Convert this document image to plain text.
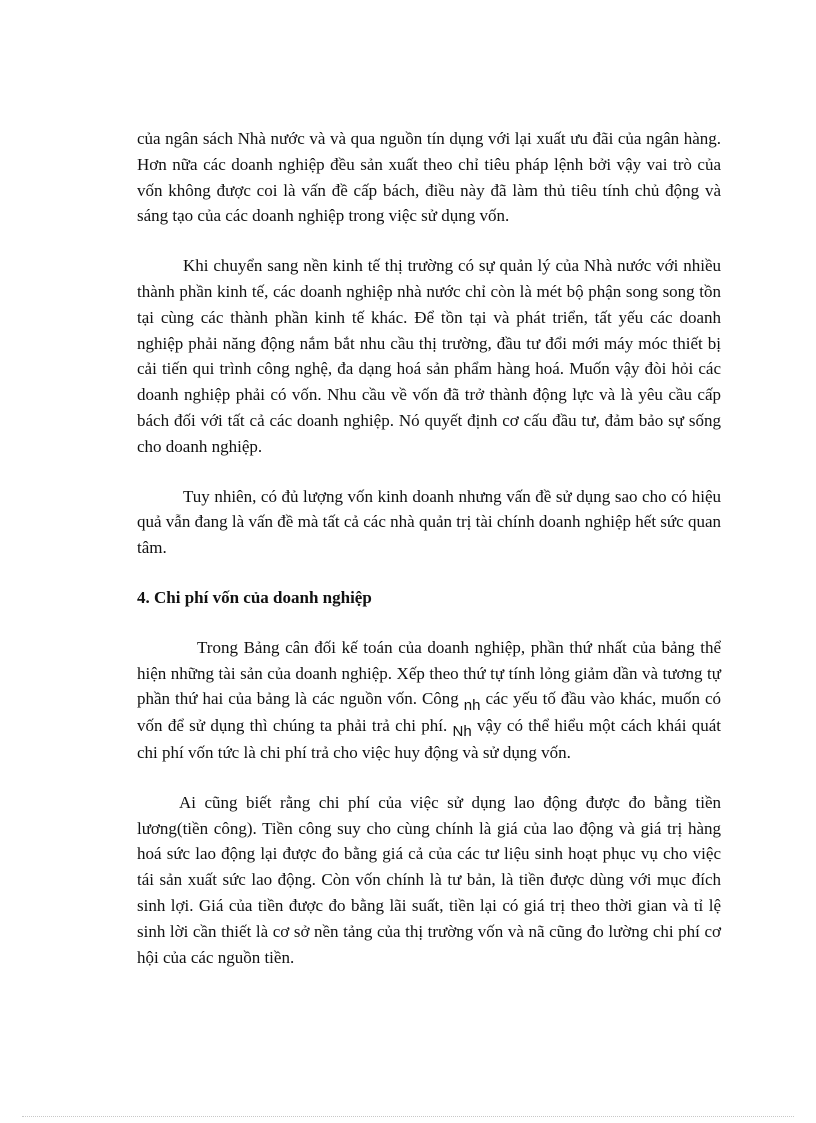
của ngân sách Nhà nước và và qua nguồn tín dụng với lại xuất ưu đãi của ngân hàng. Hơn nữa các doanh nghiệp đều sản xuất theo chỉ tiêu pháp lệnh bởi vậy vai trò của vốn không được coi là vấn đề cấp bách, điều này đã làm thủ tiêu tính chủ động và sáng tạo của các doanh nghiệp trong việc sử dụng vốn.

Khi chuyển sang nền kinh tế thị trường có sự quản lý của Nhà nước với nhiều thành phần kinh tế, các doanh nghiệp nhà nước chỉ còn là mét bộ phận song song tồn tại cùng các thành phần kinh tế khác. Để tồn tại và phát triển, tất yếu các doanh nghiệp phải năng động nắm bắt nhu cầu thị trường, đầu tư đổi mới máy móc thiết bị cải tiến qui trình công nghệ, đa dạng hoá sản phẩm hàng hoá. Muốn vậy đòi hỏi các doanh nghiệp phải có vốn. Nhu cầu về vốn đã trở thành động lực và là yêu cầu cấp bách đối với tất cả các doanh nghiệp. Nó quyết định cơ cấu đầu tư, đảm bảo sự sống cho doanh nghiệp.

Tuy nhiên, có đủ lượng vốn kinh doanh nhưng vấn đề sử dụng sao cho có hiệu quả vẫn đang là vấn đề mà tất cả các nhà quản trị tài chính doanh nghiệp hết sức quan tâm.

4. Chi phí vốn của doanh nghiệp

Trong Bảng cân đối kế toán của doanh nghiệp, phần thứ nhất của bảng thể hiện những tài sản của doanh nghiệp. Xếp theo thứ tự tính lỏng giảm dần và tương tự phần thứ hai của bảng là các nguồn vốn. Công nh các yếu tố đầu vào khác, muốn có vốn để sử dụng thì chúng ta phải trả chi phí. Nh vậy có thể hiểu một cách khái quát chi phí vốn tức là chi phí trả cho việc huy động và sử dụng vốn.

Ai cũng biết rằng chi phí của việc sử dụng lao động được đo bằng tiền lương(tiền công). Tiền công suy cho cùng chính là giá của lao động và giá trị hàng hoá sức lao động lại được đo bằng giá cả của các tư liệu sinh hoạt phục vụ cho việc tái sản xuất sức lao động. Còn vốn chính là tư bản, là tiền được dùng với mục đích sinh lợi. Giá của tiền được đo bằng lãi suất, tiền lại có giá trị theo thời gian và tỉ lệ sinh lời cần thiết là cơ sở nền tảng của thị trường vốn và nã cũng đo lường chi phí cơ hội của các nguồn tiền.
